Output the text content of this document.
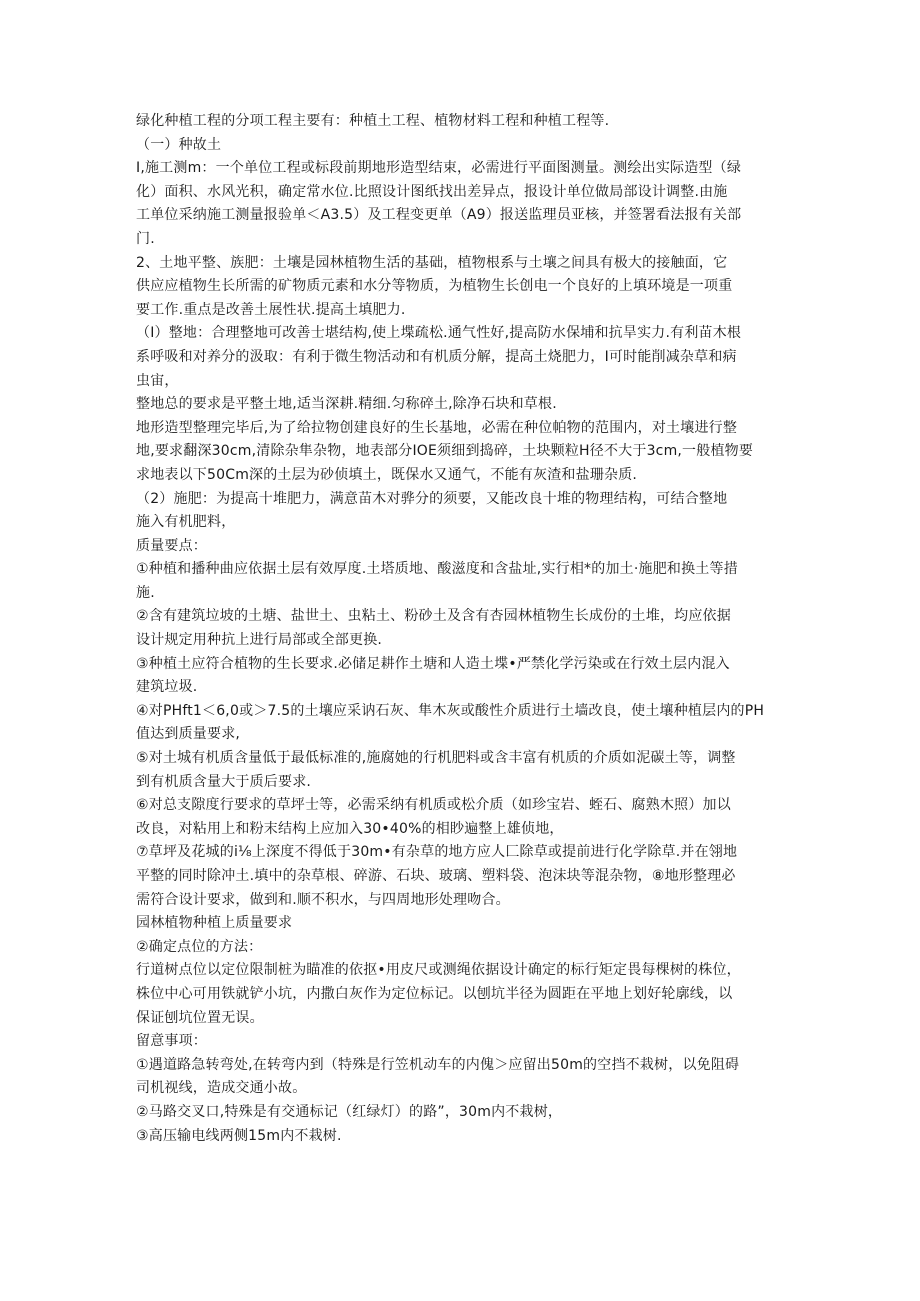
绿化种植工程的分项工程主要有：种植土工程、植物材料工程和种植工程等.
（一）种故土
I,施工测m：一个单位工程或标段前期地形造型结束，必需进行平面图测量。测绘出实际造型（绿
化）面积、水风光积，确定常水位.比照设计图纸找出差异点，报设计单位做局部设计调整.由施
工单位采纳施工测量报验单＜A3.5）及工程变更单（A9）报送监理员亚核，并签署看法报有关部
门.
2、土地平整、族肥：土壤是园林植物生活的基础，植物根系与土壤之间具有极大的接触面，它
供应应植物生长所需的矿物质元素和水分等物质，为植物生长创电一个良好的上填环境是一项重
要工作.重点是改善土展性状.提高土填肥力.
（I）整地：合理整地可改善士堪结构,使上堞疏松.通气性好,提高防水保埔和抗旱实力.有利苗木根
系呼吸和对养分的汲取：有利于微生物活动和有机质分解，提高土烧肥力，I可时能削减杂草和病
虫宙，
整地总的要求是平整土地,适当深耕.精细.匀称碎土,除净石块和草根.
地形造型整理完毕后,为了给拉物创建良好的生长基地，必需在种位帕物的范围内，对土壤进行整
地,要求翻深30cm,清除杂隼杂物，地表部分IOE须细到捣碎，土块颗粒H径不大于3cm,一般植物要
求地表以下50Cm深的土层为砂侦填土，既保水又通气，不能有灰渣和盐珊杂质.
（2）施肥：为提高十堆肥力，满意苗木对骅分的须要，又能改良十堆的物理结构，可结合整地
施入有机肥料，
质量要点：
①种植和播种曲应依据土层有效厚度.土塔质地、酸滋度和含盐址,实行相*的加土·施肥和换土等措
施.
②含有建筑垃坡的土塘、盐世土、虫粘土、粉砂土及含有杏园林植物生长成份的土堆，均应依据
设计规定用种抗上进行局部或全部更换.
③种植土应符合植物的生长要求.必储足耕作土塘和人造土堞•严禁化学污染或在行效土层内混入
建筑垃圾.
④对PHft1＜6,0或＞7.5的土壤应采讷石灰、隼木灰或酸性介质进行土墙改良，使土壤种植层内的PH
值达到质量要求,
⑤对土城有机质含量低于最低标准的,施腐她的行机肥料或含丰富有机质的介质如泥碳土等，调整
到有机质含量大于质后要求.
⑥对总支隙度行要求的草坪士等，必需采纳有机质或松介质（如珍宝岩、蛭石、腐熟木照）加以
改良，对粘用上和粉末结构上应加入30•40%的相眇遍整上雄侦地，
⑦草坪及花城的i⅛上深度不得低于30m•有杂草的地方应人匚除草或提前进行化学除草.并在翎地
平整的同时除冲土.填中的杂草根、碎游、石块、玻璃、塑料袋、泡沫块等混杂物，⑧地形整理必
需符合设计要求，做到和.顺不积水，与四周地形处理吻合。
园林植物种植上质量要求
②确定点位的方法：
行道树点位以定位限制桩为瞄准的依抠•用皮尺或测绳依据设计确定的标行矩定畏每棵树的株位，
株位中心可用铁就铲小坑，内撒白灰作为定位标记。以刨坑半径为圆距在平地上划好轮廓线，以
保证刨坑位置无误。
留意事项：
①遇道路急转弯处,在转弯内到（特殊是行笠机动车的内傀＞应留出50m的空挡不栽树，以免阻碍
司机视线，造成交通小故。
②马路交叉口,特殊是有交通标记（红绿灯）的路”，30m内不栽树，
③高压输电线两侧15m内不栽树.
